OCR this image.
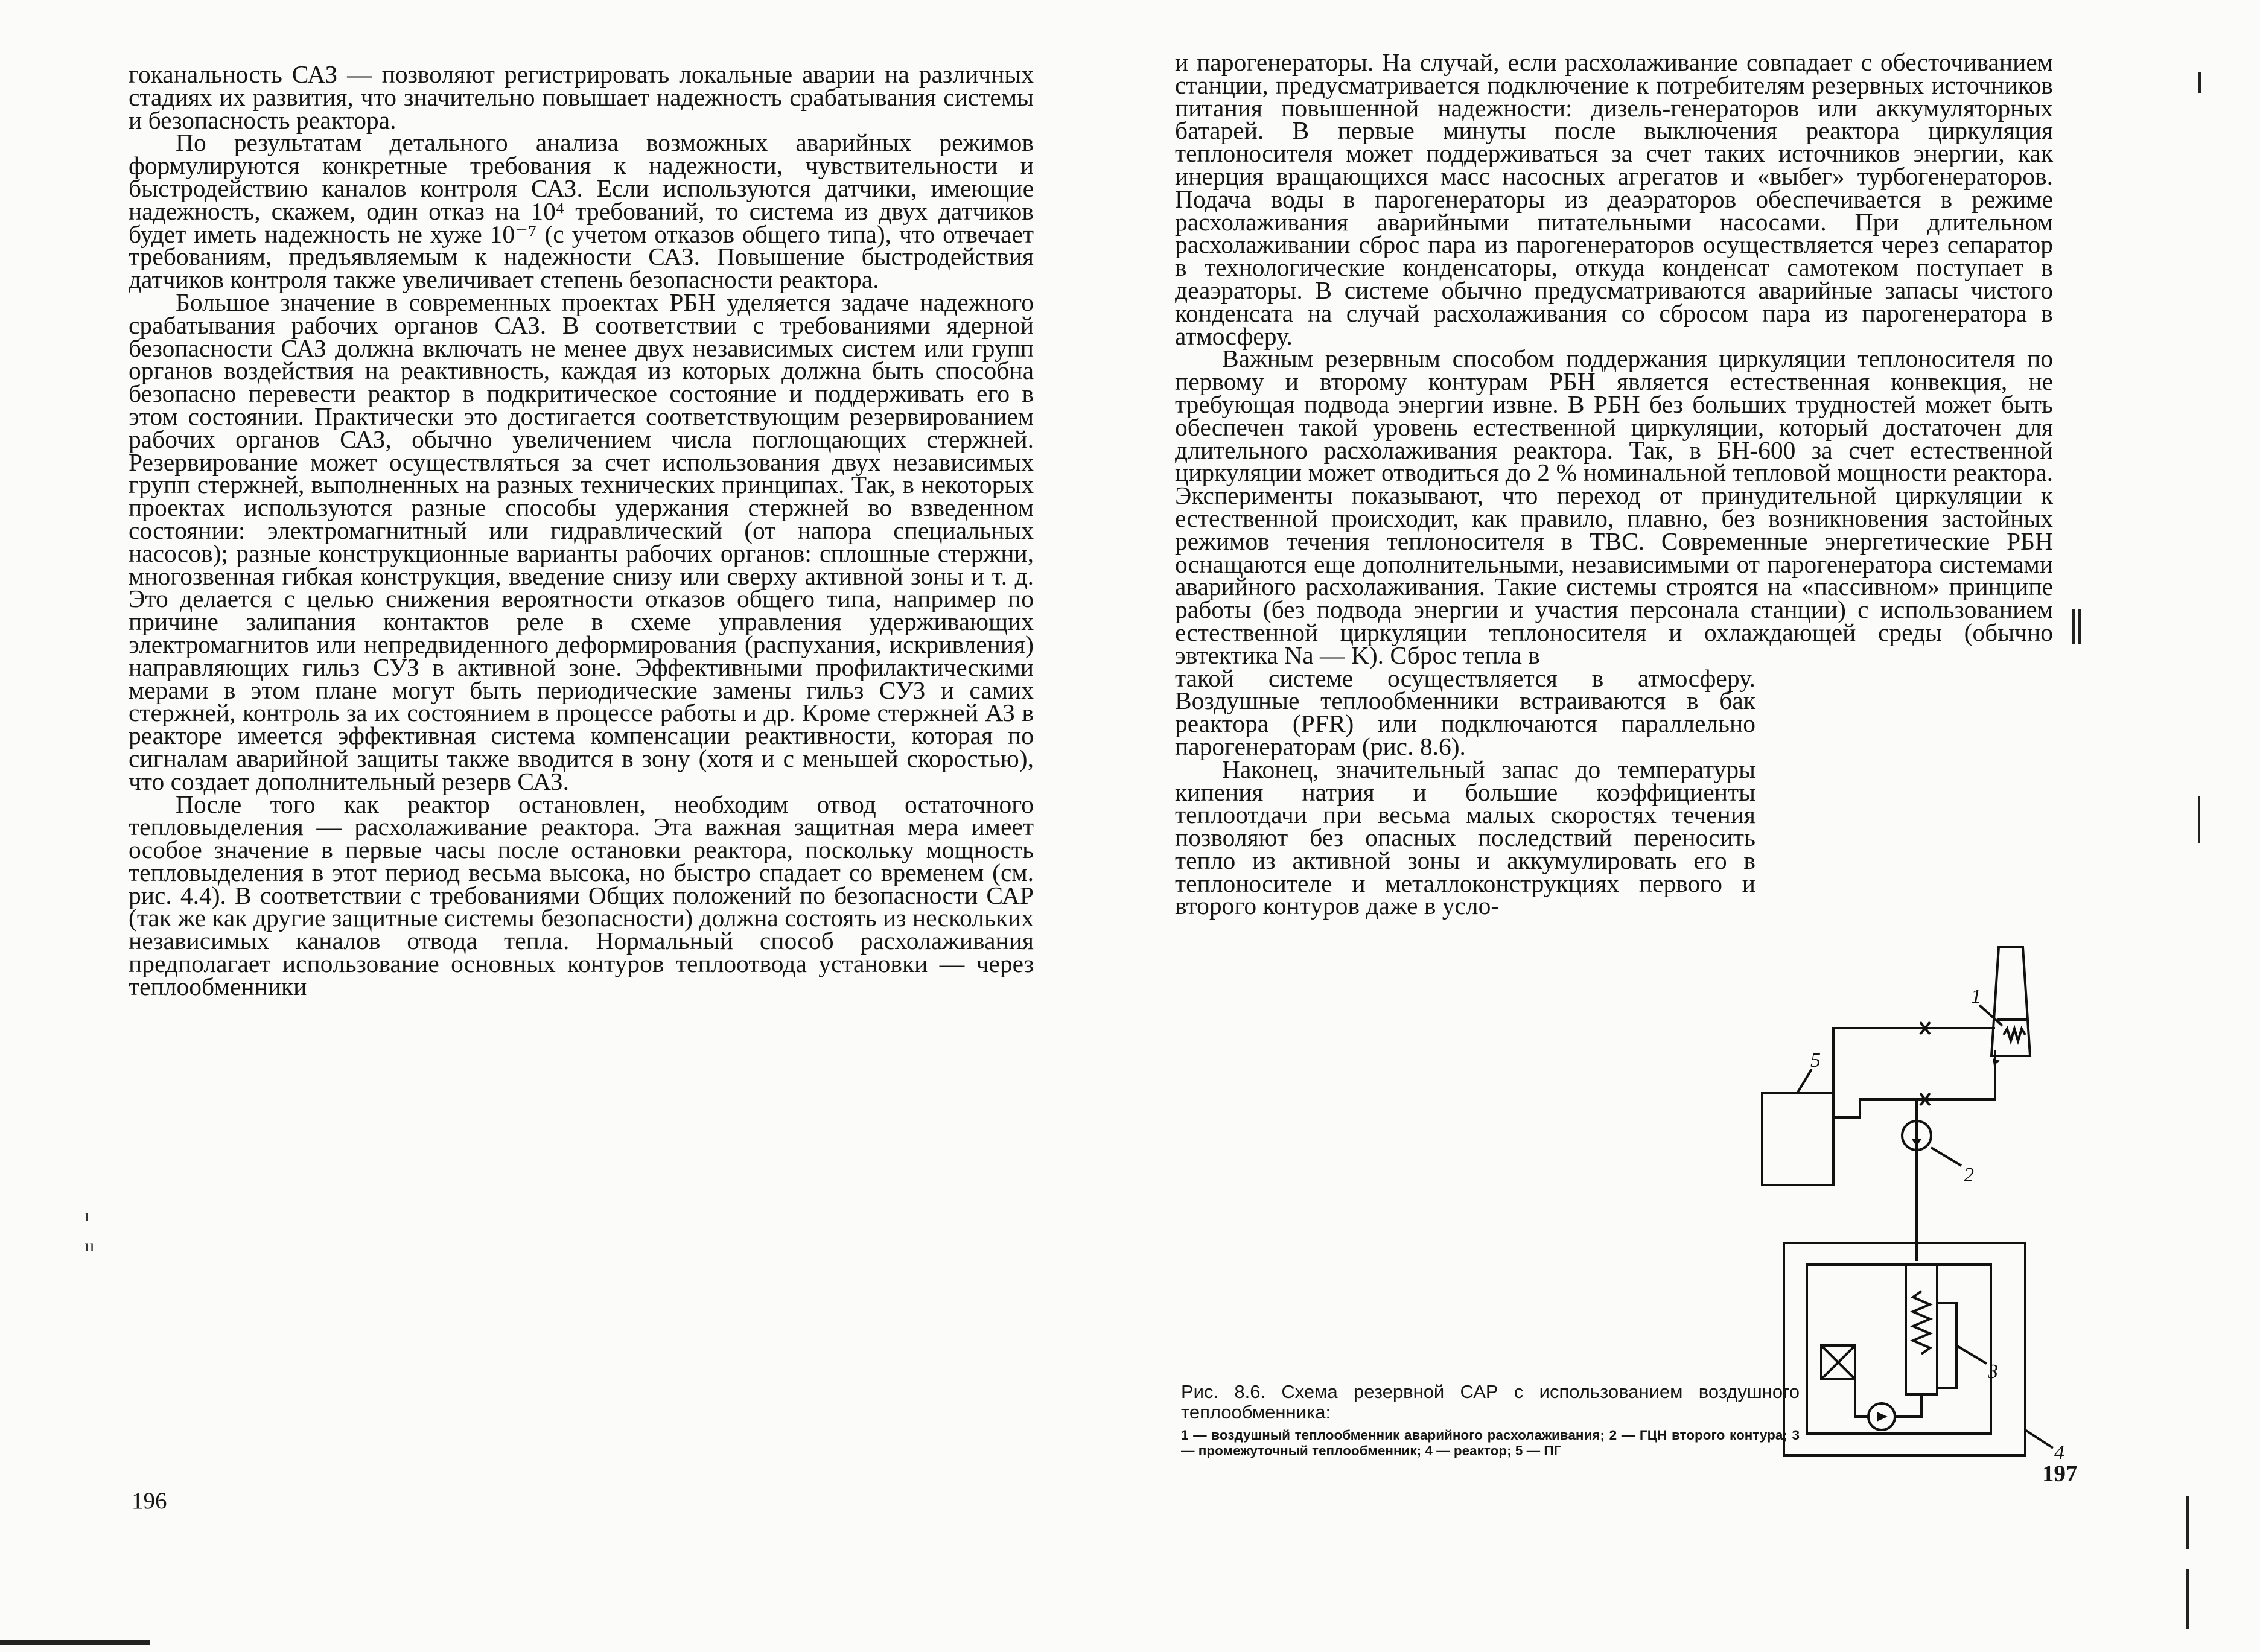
гоканальность САЗ — позволяют регистрировать локальные аварии на различных стадиях их развития, что значительно повышает надежность срабатывания системы и безопасность реактора.

По результатам детального анализа возможных аварийных режимов формулируются конкретные требования к надежности, чувствительности и быстродействию каналов контроля САЗ. Если используются датчики, имеющие надежность, скажем, один отказ на 10⁴ требований, то система из двух датчиков будет иметь надежность не хуже 10⁻⁷ (с учетом отказов общего типа), что отвечает требованиям, предъявляемым к надежности САЗ. Повышение быстродействия датчиков контроля также увеличивает степень безопасности реактора.

Большое значение в современных проектах РБН уделяется задаче надежного срабатывания рабочих органов САЗ. В соответствии с требованиями ядерной безопасности САЗ должна включать не менее двух независимых систем или групп органов воздействия на реактивность, каждая из которых должна быть способна безопасно перевести реактор в подкритическое состояние и поддерживать его в этом состоянии. Практически это достигается соответствующим резервированием рабочих органов САЗ, обычно увеличением числа поглощающих стержней. Резервирование может осуществляться за счет использования двух независимых групп стержней, выполненных на разных технических принципах. Так, в некоторых проектах используются разные способы удержания стержней во взведенном состоянии: электромагнитный или гидравлический (от напора специальных насосов); разные конструкционные варианты рабочих органов: сплошные стержни, многозвенная гибкая конструкция, введение снизу или сверху активной зоны и т. д. Это делается с целью снижения вероятности отказов общего типа, например по причине залипания контактов реле в схеме управления удерживающих электромагнитов или непредвиденного деформирования (распухания, искривления) направляющих гильз СУЗ в активной зоне. Эффективными профилактическими мерами в этом плане могут быть периодические замены гильз СУЗ и самих стержней, контроль за их состоянием в процессе работы и др. Кроме стержней АЗ в реакторе имеется эффективная система компенсации реактивности, которая по сигналам аварийной защиты также вводится в зону (хотя и с меньшей скоростью), что создает дополнительный резерв САЗ.

После того как реактор остановлен, необходим отвод остаточного тепловыделения — расхолаживание реактора. Эта важная защитная мера имеет особое значение в первые часы после остановки реактора, поскольку мощность тепловыделения в этот период весьма высока, но быстро спадает со временем (см. рис. 4.4). В соответствии с требованиями Общих положений по безопасности САР (так же как другие защитные системы безопасности) должна состоять из нескольких независимых каналов отвода тепла. Нормальный способ расхолаживания предполагает использование основных контуров теплоотвода установки — через теплообменники

196
ı
ıı

и парогенераторы. На случай, если расхолаживание совпадает с обесточиванием станции, предусматривается подключение к потребителям резервных источников питания повышенной надежности: дизель-генераторов или аккумуляторных батарей. В первые минуты после выключения реактора циркуляция теплоносителя может поддерживаться за счет таких источников энергии, как инерция вращающихся масс насосных агрегатов и «выбег» турбогенераторов. Подача воды в парогенераторы из деаэраторов обеспечивается в режиме расхолаживания аварийными питательными насосами. При длительном расхолаживании сброс пара из парогенераторов осуществляется через сепаратор в технологические конденсаторы, откуда конденсат самотеком поступает в деаэраторы. В системе обычно предусматриваются аварийные запасы чистого конденсата на случай расхолаживания со сбросом пара из парогенератора в атмосферу.

Важным резервным способом поддержания циркуляции теплоносителя по первому и второму контурам РБН является естественная конвекция, не требующая подвода энергии извне. В РБН без больших трудностей может быть обеспечен такой уровень естественной циркуляции, который достаточен для длительного расхолаживания реактора. Так, в БН-600 за счет естественной циркуляции может отводиться до 2 % номинальной тепловой мощности реактора. Эксперименты показывают, что переход от принудительной циркуляции к естественной происходит, как правило, плавно, без возникновения застойных режимов течения теплоносителя в ТВС. Современные энергетические РБН оснащаются еще дополнительными, независимыми от парогенератора системами аварийного расхолаживания. Такие системы строятся на «пассивном» принципе работы (без подвода энергии и участия персонала станции) с использованием естественной циркуляции теплоносителя и охлаждающей среды (обычно эвтектика Na — K). Сброс тепла в

такой системе осуществляется в атмосферу. Воздушные теплообменники встраиваются в бак реактора (PFR) или подключаются параллельно парогенераторам (рис. 8.6).

Наконец, значительный запас до температуры кипения натрия и большие коэффициенты теплоотдачи при весьма малых скоростях течения позволяют без опасных последствий переносить тепло из активной зоны и аккумулировать его в теплоносителе и металлоконструкциях первого и второго контуров даже в усло-

1
2
3
4
5

Рис. 8.6. Схема резервной САР с использованием воздушного теплообменника:

1 — воздушный теплообменник аварийного расхолаживания; 2 — ГЦН второго контура; 3 — промежуточный теплообменник; 4 — реактор; 5 — ПГ

197
